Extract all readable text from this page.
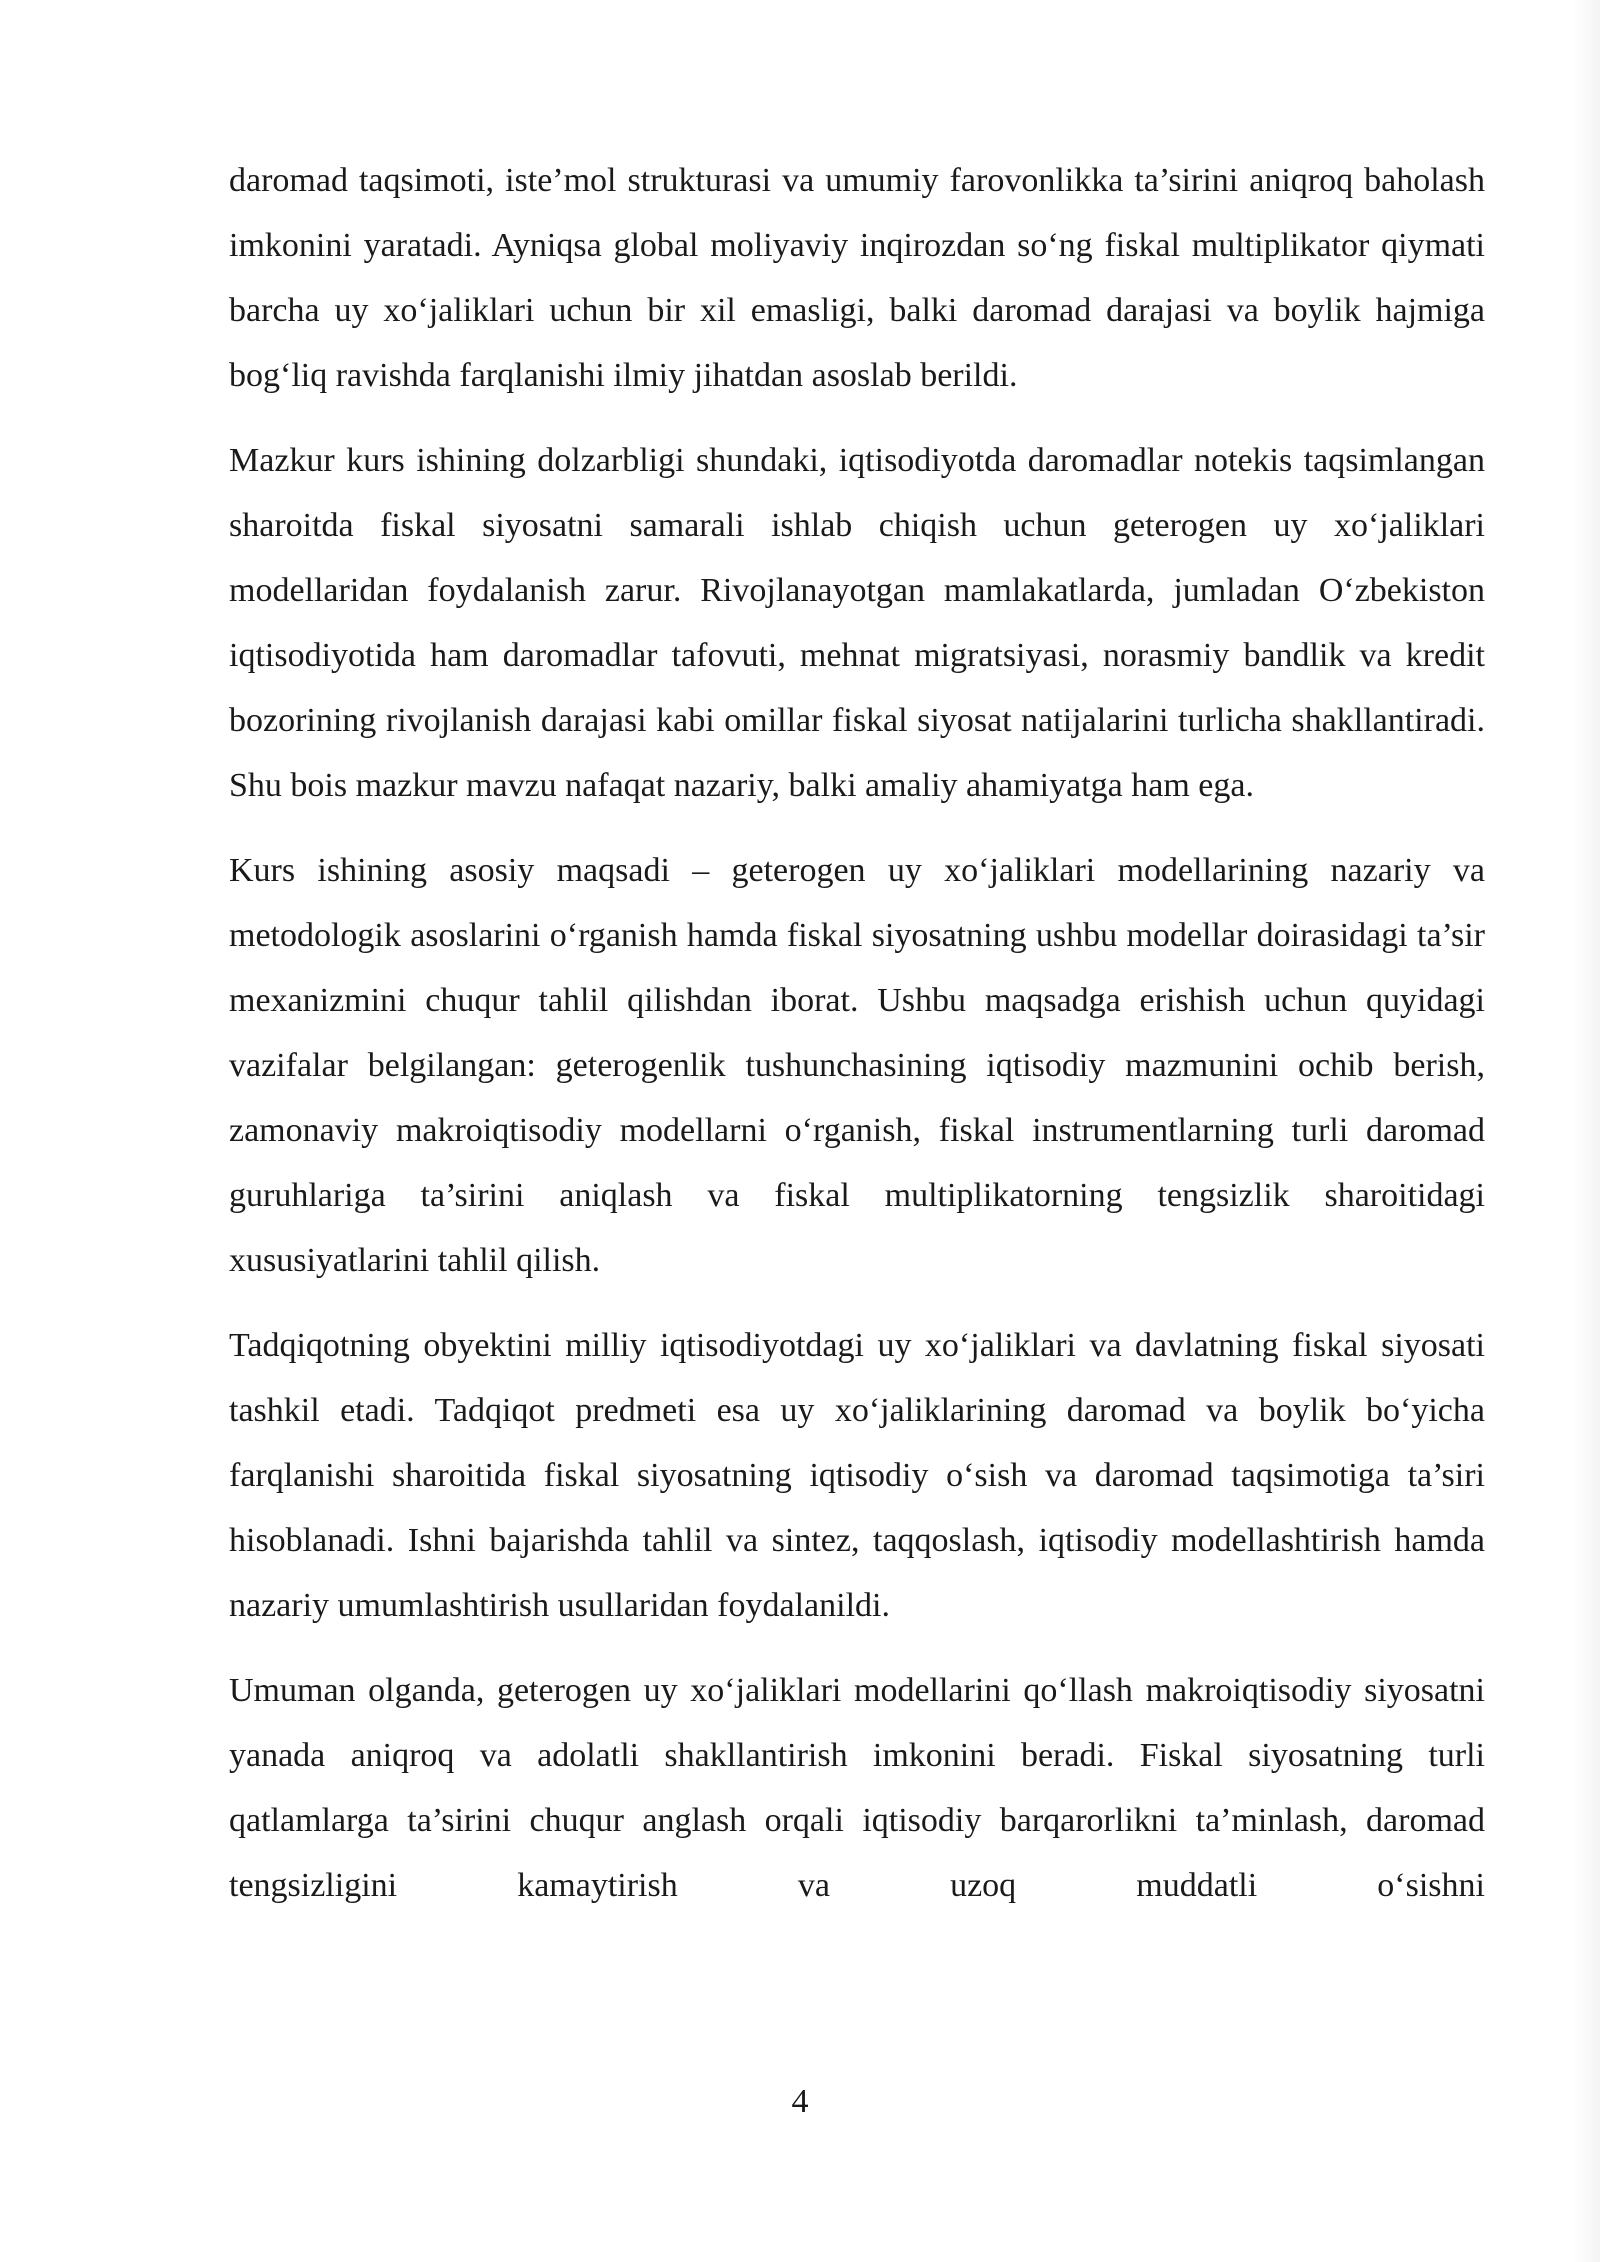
daromad taqsimoti, iste’mol strukturasi va umumiy farovonlikka ta’sirini aniqroq baholash imkonini yaratadi. Ayniqsa global moliyaviy inqirozdan so‘ng fiskal multiplikator qiymati barcha uy xo‘jaliklari uchun bir xil emasligi, balki daromad darajasi va boylik hajmiga bog‘liq ravishda farqlanishi ilmiy jihatdan asoslab berildi.

Mazkur kurs ishining dolzarbligi shundaki, iqtisodiyotda daromadlar notekis taqsimlangan sharoitda fiskal siyosatni samarali ishlab chiqish uchun geterogen uy xo‘jaliklari modellaridan foydalanish zarur. Rivojlanayotgan mamlakatlarda, jumladan O‘zbekiston iqtisodiyotida ham daromadlar tafovuti, mehnat migratsiyasi, norasmiy bandlik va kredit bozorining rivojlanish darajasi kabi omillar fiskal siyosat natijalarini turlicha shakllantiradi. Shu bois mazkur mavzu nafaqat nazariy, balki amaliy ahamiyatga ham ega.

Kurs ishining asosiy maqsadi – geterogen uy xo‘jaliklari modellarining nazariy va metodologik asoslarini o‘rganish hamda fiskal siyosatning ushbu modellar doirasidagi ta’sir mexanizmini chuqur tahlil qilishdan iborat. Ushbu maqsadga erishish uchun quyidagi vazifalar belgilangan: geterogenlik tushunchasining iqtisodiy mazmunini ochib berish, zamonaviy makroiqtisodiy modellarni o‘rganish, fiskal instrumentlarning turli daromad guruhlariga ta’sirini aniqlash va fiskal multiplikatorning tengsizlik sharoitidagi xususiyatlarini tahlil qilish.

Tadqiqotning obyektini milliy iqtisodiyotdagi uy xo‘jaliklari va davlatning fiskal siyosati tashkil etadi. Tadqiqot predmeti esa uy xo‘jaliklarining daromad va boylik bo‘yicha farqlanishi sharoitida fiskal siyosatning iqtisodiy o‘sish va daromad taqsimotiga ta’siri hisoblanadi. Ishni bajarishda tahlil va sintez, taqqoslash, iqtisodiy modellashtirish hamda nazariy umumlashtirish usullaridan foydalanildi.

Umuman olganda, geterogen uy xo‘jaliklari modellarini qo‘llash makroiqtisodiy siyosatni yanada aniqroq va adolatli shakllantirish imkonini beradi. Fiskal siyosatning turli qatlamlarga ta’sirini chuqur anglash orqali iqtisodiy barqarorlikni ta’minlash, daromad tengsizligini kamaytirish va uzoq muddatli o‘sishni

4
